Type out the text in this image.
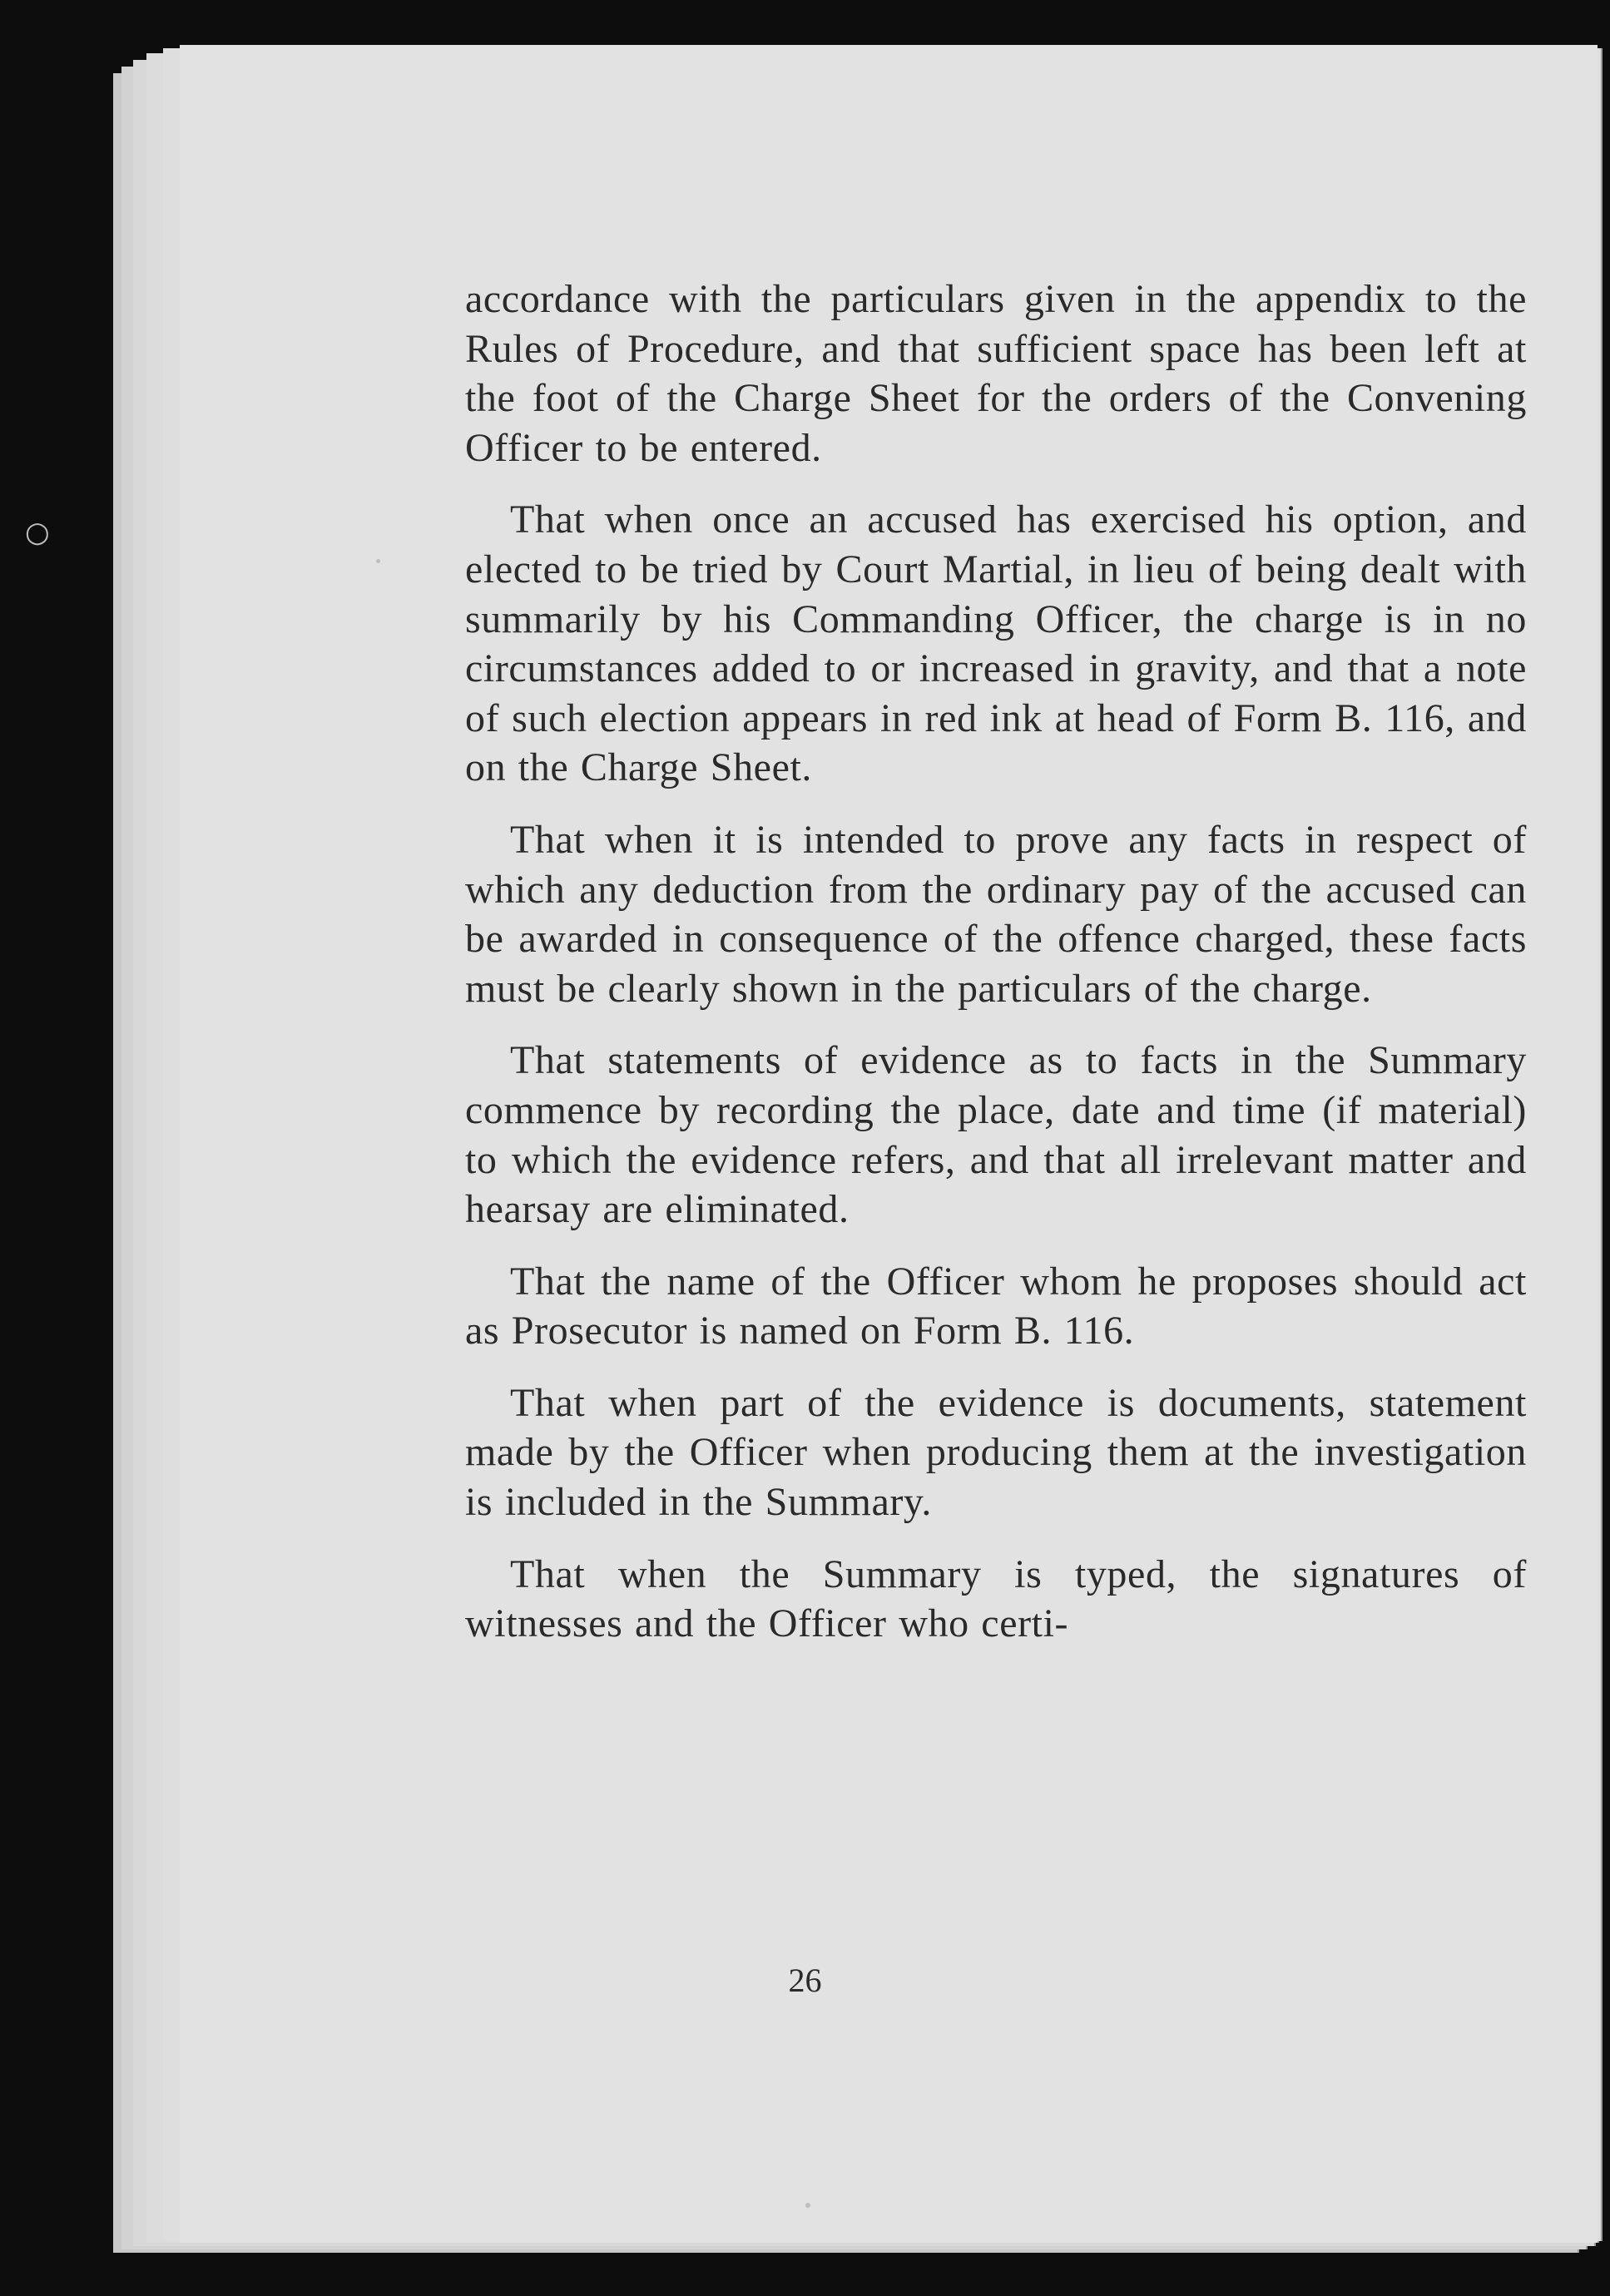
○

accordance with the particulars given in the appendix to the Rules of Procedure, and that sufficient space has been left at the foot of the Charge Sheet for the orders of the Convening Officer to be entered.

That when once an accused has exercised his option, and elected to be tried by Court Martial, in lieu of being dealt with summarily by his Commanding Officer, the charge is in no circumstances added to or increased in gravity, and that a note of such election appears in red ink at head of Form B. 116, and on the Charge Sheet.

That when it is intended to prove any facts in respect of which any deduction from the ordinary pay of the accused can be awarded in consequence of the offence charged, these facts must be clearly shown in the particulars of the charge.

That statements of evidence as to facts in the Summary commence by recording the place, date and time (if material) to which the evidence refers, and that all irrelevant matter and hearsay are eliminated.

That the name of the Officer whom he proposes should act as Prosecutor is named on Form B. 116.

That when part of the evidence is documents, statement made by the Officer when producing them at the investigation is included in the Summary.

That when the Summary is typed, the signatures of witnesses and the Officer who certi-

26
